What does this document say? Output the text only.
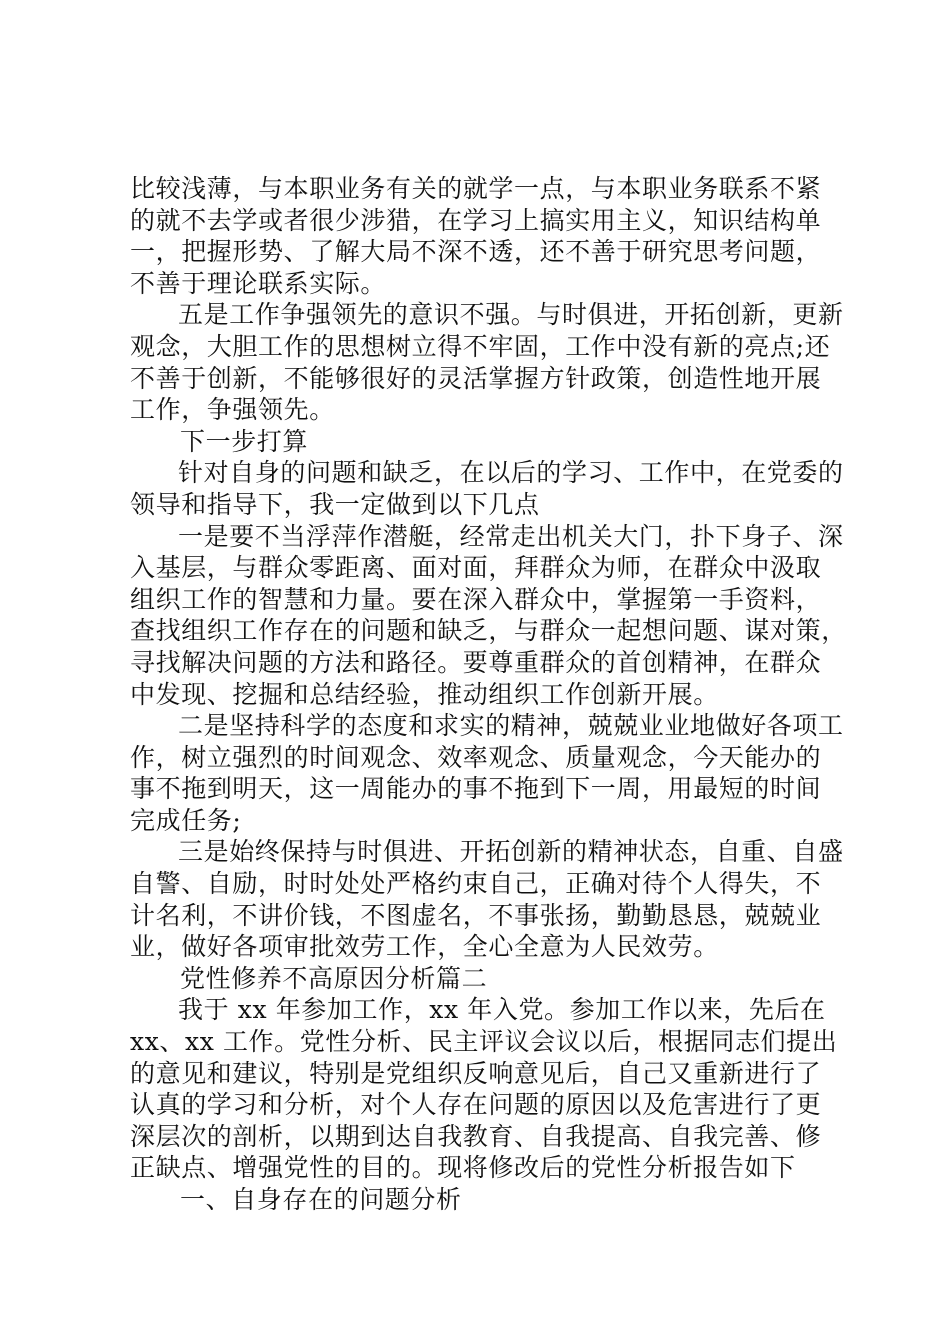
比较浅薄，与本职业务有关的就学一点，与本职业务联系不紧
的就不去学或者很少涉猎，在学习上搞实用主义，知识结构单
一，把握形势、了解大局不深不透，还不善于研究思考问题，
不善于理论联系实际。
五是工作争强领先的意识不强。与时俱进，开拓创新，更新
观念，大胆工作的思想树立得不牢固，工作中没有新的亮点;还
不善于创新，不能够很好的灵活掌握方针政策，创造性地开展
工作，争强领先。
下一步打算
针对自身的问题和缺乏，在以后的学习、工作中，在党委的
领导和指导下，我一定做到以下几点
一是要不当浮萍作潜艇，经常走出机关大门，扑下身子、深
入基层，与群众零距离、面对面，拜群众为师，在群众中汲取
组织工作的智慧和力量。要在深入群众中，掌握第一手资料，
查找组织工作存在的问题和缺乏，与群众一起想问题、谋对策，
寻找解决问题的方法和路径。要尊重群众的首创精神，在群众
中发现、挖掘和总结经验，推动组织工作创新开展。
二是坚持科学的态度和求实的精神，兢兢业业地做好各项工
作，树立强烈的时间观念、效率观念、质量观念，今天能办的
事不拖到明天，这一周能办的事不拖到下一周，用最短的时间
完成任务;
三是始终保持与时俱进、开拓创新的精神状态，自重、自盛
自警、自励，时时处处严格约束自己，正确对待个人得失，不
计名利，不讲价钱，不图虚名，不事张扬，勤勤恳恳，兢兢业
业，做好各项审批效劳工作，全心全意为人民效劳。
党性修养不高原因分析篇二
我于 xx 年参加工作，xx 年入党。参加工作以来，先后在
xx、xx 工作。党性分析、民主评议会议以后，根据同志们提出
的意见和建议，特别是党组织反响意见后，自己又重新进行了
认真的学习和分析，对个人存在问题的原因以及危害进行了更
深层次的剖析，以期到达自我教育、自我提高、自我完善、修
正缺点、增强党性的目的。现将修改后的党性分析报告如下
一、自身存在的问题分析
